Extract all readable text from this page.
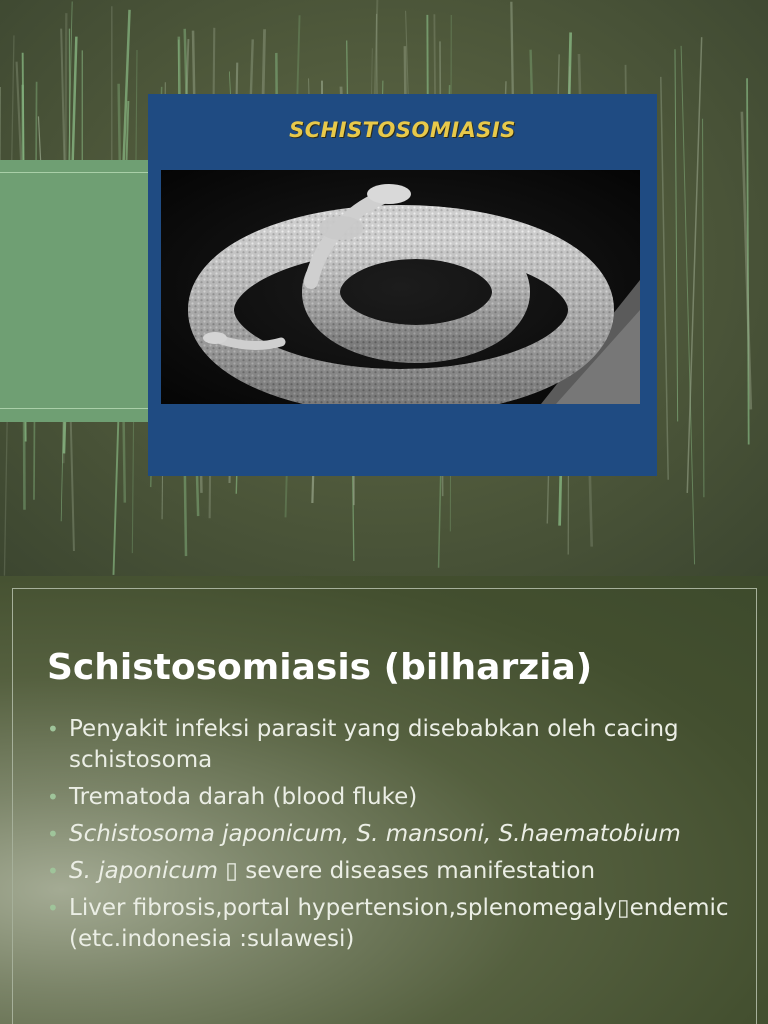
SCHISTOSOMIASIS
Schistosomiasis (bilharzia)
• Penyakit infeksi parasit yang disebabkan oleh cacing schistosoma
• Trematoda darah (blood fluke)
• Schistosoma japonicum, S. mansoni, S.haematobium
• S. japonicum ▯ severe diseases manifestation
• Liver fibrosis,portal hypertension,splenomegaly▯endemic (etc.indonesia :sulawesi)
